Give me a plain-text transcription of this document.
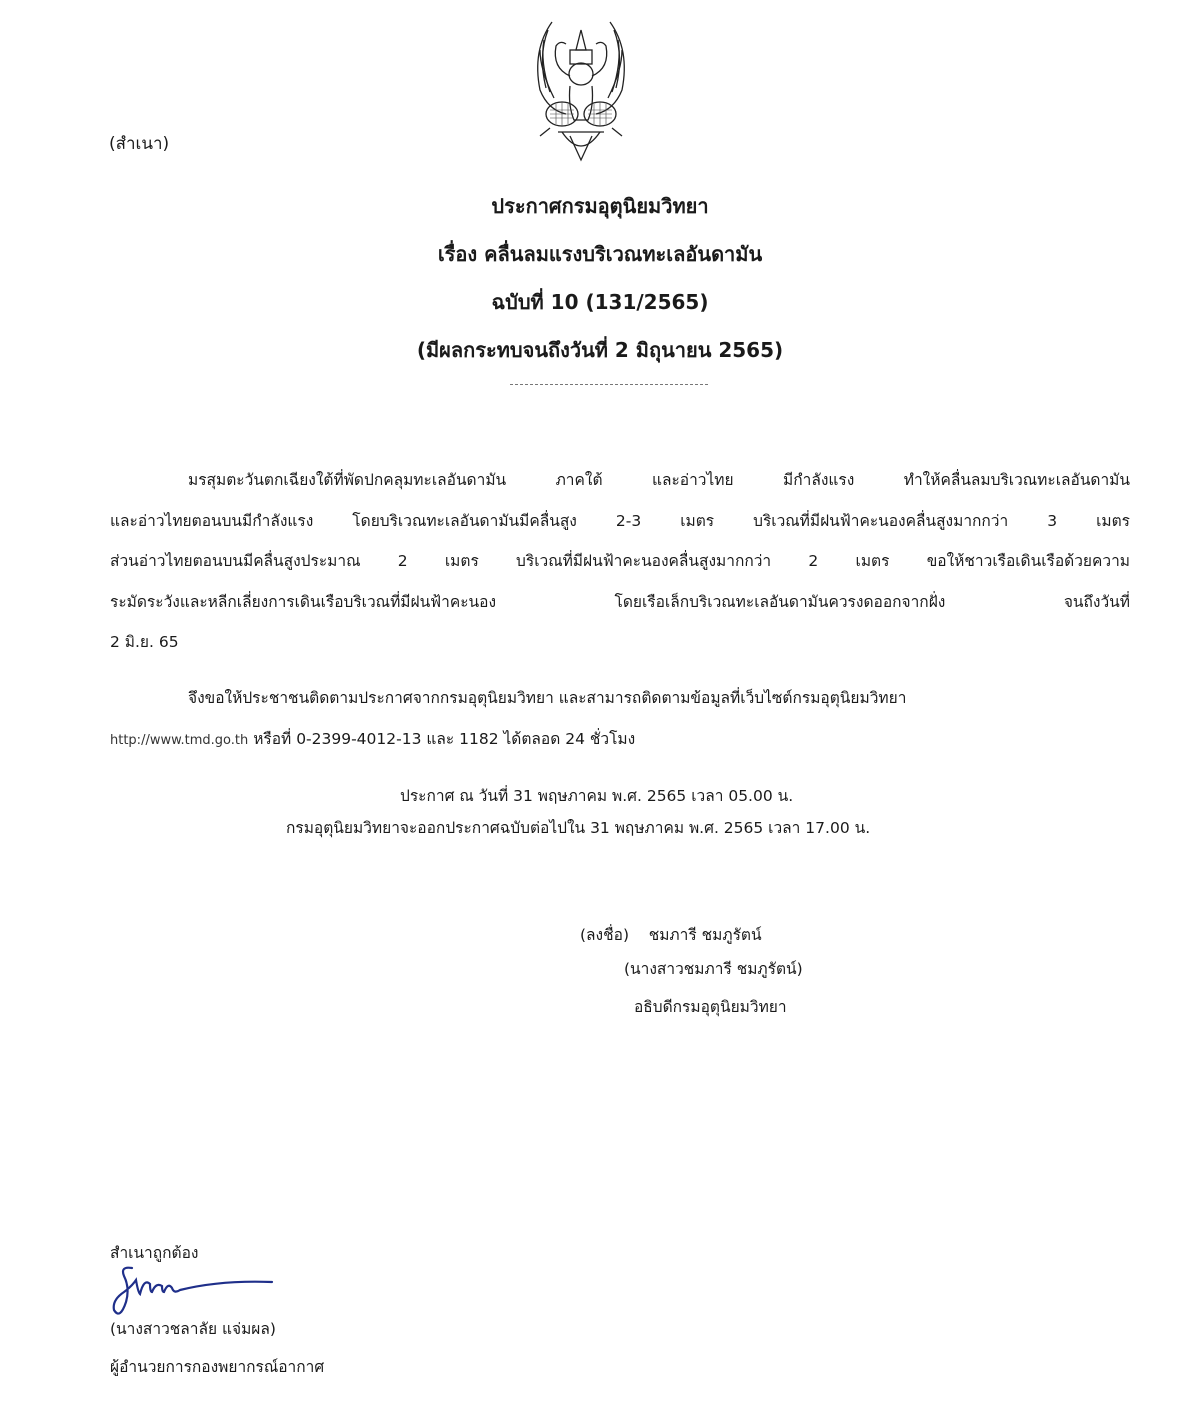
(สำเนา)
ประกาศกรมอุตุนิยมวิทยา
เรื่อง คลื่นลมแรงบริเวณทะเลอันดามัน
ฉบับที่ 10 (131/2565)
(มีผลกระทบจนถึงวันที่ 2 มิถุนายน 2565)
มรสุมตะวันตกเฉียงใต้ที่พัดปกคลุมทะเลอันดามัน ภาคใต้ และอ่าวไทย มีกำลังแรง ทำให้คลื่นลมบริเวณทะเลอันดามัน
และอ่าวไทยตอนบนมีกำลังแรง โดยบริเวณทะเลอันดามันมีคลื่นสูง 2-3 เมตร บริเวณที่มีฝนฟ้าคะนองคลื่นสูงมากกว่า 3 เมตร
ส่วนอ่าวไทยตอนบนมีคลื่นสูงประมาณ 2 เมตร บริเวณที่มีฝนฟ้าคะนองคลื่นสูงมากกว่า 2 เมตร ขอให้ชาวเรือเดินเรือด้วยความ
ระมัดระวังและหลีกเลี่ยงการเดินเรือบริเวณที่มีฝนฟ้าคะนอง โดยเรือเล็กบริเวณทะเลอันดามันควรงดออกจากฝั่ง จนถึงวันที่
2 มิ.ย. 65
จึงขอให้ประชาชนติดตามประกาศจากกรมอุตุนิยมวิทยา และสามารถติดตามข้อมูลที่เว็บไซต์กรมอุตุนิยมวิทยา
http://www.tmd.go.th หรือที่ 0-2399-4012-13 และ 1182 ได้ตลอด 24 ชั่วโมง
ประกาศ ณ วันที่ 31 พฤษภาคม พ.ศ. 2565 เวลา 05.00 น.
กรมอุตุนิยมวิทยาจะออกประกาศฉบับต่อไปใน 31 พฤษภาคม พ.ศ. 2565 เวลา 17.00 น.
(ลงชื่อ)    ชมภารี ชมภูรัตน์
(นางสาวชมภารี ชมภูรัตน์)
อธิบดีกรมอุตุนิยมวิทยา
สำเนาถูกต้อง
(นางสาวชลาลัย แจ่มผล)
ผู้อำนวยการกองพยากรณ์อากาศ
